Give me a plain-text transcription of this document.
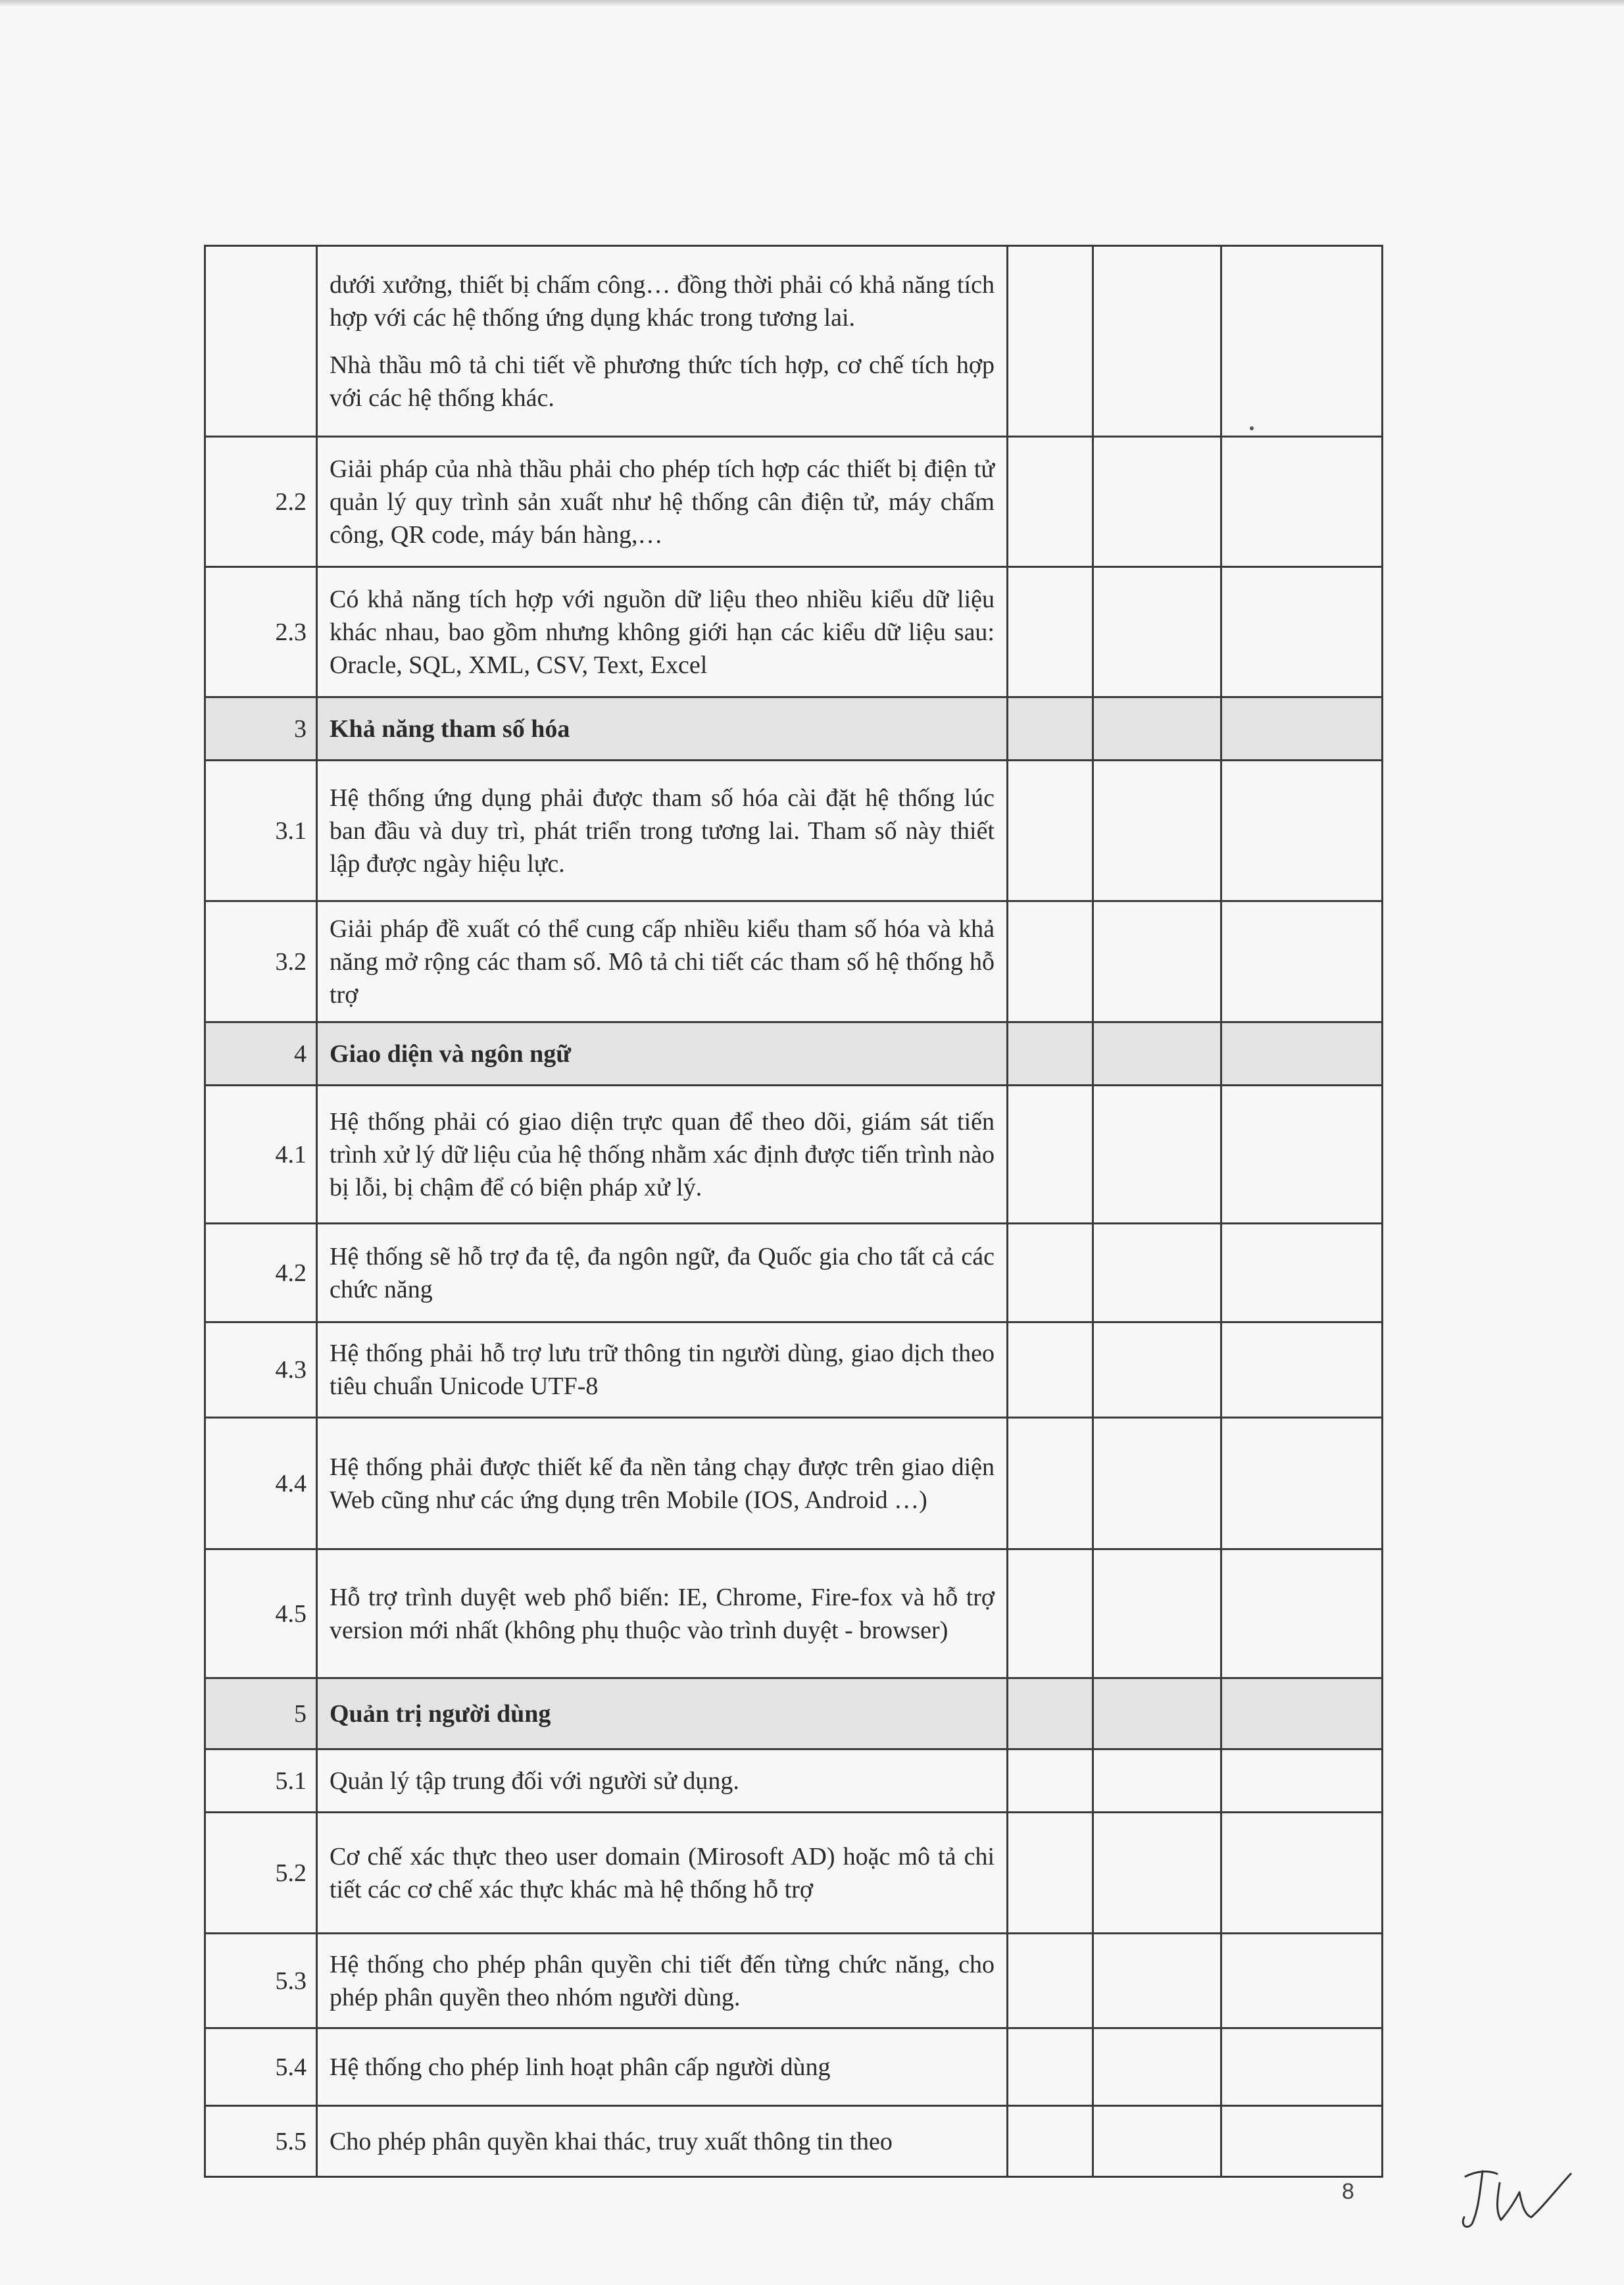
	dưới xưởng, thiết bị chấm công… đồng thời phải có khả năng tích hợp với các hệ thống ứng dụng khác trong tương lai.

Nhà thầu mô tả chi tiết về phương thức tích hợp, cơ chế tích hợp với các hệ thống khác.			

2.2	Giải pháp của nhà thầu phải cho phép tích hợp các thiết bị điện tử quản lý quy trình sản xuất như hệ thống cân điện tử, máy chấm công, QR code, máy bán hàng,…			

2.3	Có khả năng tích hợp với nguồn dữ liệu theo nhiều kiểu dữ liệu khác nhau, bao gồm nhưng không giới hạn các kiểu dữ liệu sau: Oracle, SQL, XML, CSV, Text, Excel			

3	Khả năng tham số hóa			

3.1	Hệ thống ứng dụng phải được tham số hóa cài đặt hệ thống lúc ban đầu và duy trì, phát triển trong tương lai. Tham số này thiết lập được ngày hiệu lực.			

3.2	Giải pháp đề xuất có thể cung cấp nhiều kiểu tham số hóa và khả năng mở rộng các tham số. Mô tả chi tiết các tham số hệ thống hỗ trợ			

4	Giao diện và ngôn ngữ			

4.1	Hệ thống phải có giao diện trực quan để theo dõi, giám sát tiến trình xử lý dữ liệu của hệ thống nhằm xác định được tiến trình nào bị lỗi, bị chậm để có biện pháp xử lý.			

4.2	Hệ thống sẽ hỗ trợ đa tệ, đa ngôn ngữ, đa Quốc gia cho tất cả các chức năng			

4.3	Hệ thống phải hỗ trợ lưu trữ thông tin người dùng, giao dịch theo tiêu chuẩn Unicode UTF-8			

4.4	Hệ thống phải được thiết kế đa nền tảng chạy được trên giao diện Web cũng như các ứng dụng trên Mobile (IOS, Android …)			

4.5	Hỗ trợ trình duyệt web phổ biến: IE, Chrome, Fire-fox và hỗ trợ version mới nhất (không phụ thuộc vào trình duyệt - browser)			

5	Quản trị người dùng			

5.1	Quản lý tập trung đối với người sử dụng.			

5.2	Cơ chế xác thực theo user domain (Mirosoft AD) hoặc mô tả chi tiết các cơ chế xác thực khác mà hệ thống hỗ trợ			

5.3	Hệ thống cho phép phân quyền chi tiết đến từng chức năng, cho phép phân quyền theo nhóm người dùng.			

5.4	Hệ thống cho phép linh hoạt phân cấp người dùng			

5.5	Cho phép phân quyền khai thác, truy xuất thông tin theo			

8
